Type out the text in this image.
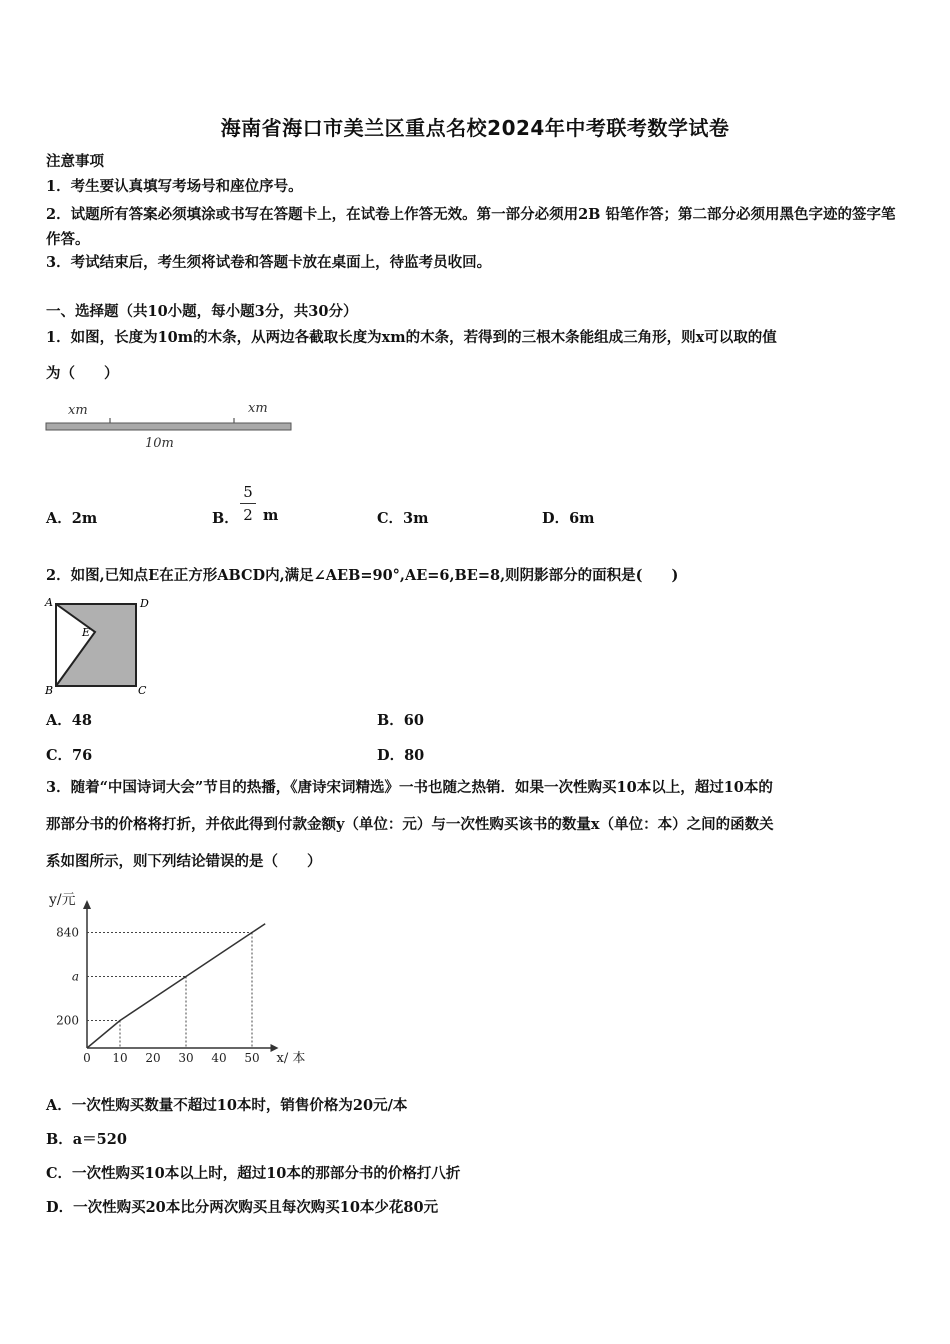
海南省海口市美兰区重点名校2024年中考联考数学试卷
注意事项
1．考生要认真填写考场号和座位序号。
2．试题所有答案必须填涂或书写在答题卡上，在试卷上作答无效。第一部分必须用2B 铅笔作答；第二部分必须用黑色字迹的签字笔作答。
3．考试结束后，考生须将试卷和答题卡放在桌面上，待监考员收回。
一、选择题（共10小题，每小题3分，共30分）
1．如图，长度为10m的木条，从两边各截取长度为xm的木条，若得到的三根木条能组成三角形，则x可以取的值
为（　　）
xm	xm
10m
A．2m	B．
5
2 m	C．3m	D．6m
2．如图,已知点E在正方形ABCD内,满足∠AEB=90°,AE=6,BE=8,则阴影部分的面积是(　　)
A	D
E
B	C
A．48	B．60
C．76	D．80
3．随着“中国诗词大会”节目的热播，《唐诗宋词精选》一书也随之热销．如果一次性购买10本以上，超过10本的
那部分书的价格将打折，并依此得到付款金额y（单位：元）与一次性购买该书的数量x（单位：本）之间的函数关
系如图所示，则下列结论错误的是（　　）
y/元
x/ 本
0 10 20 30 40 50
200
a
840
A．一次性购买数量不超过10本时，销售价格为20元/本
B．a＝520
C．一次性购买10本以上时，超过10本的那部分书的价格打八折
D．一次性购买20本比分两次购买且每次购买10本少花80元
